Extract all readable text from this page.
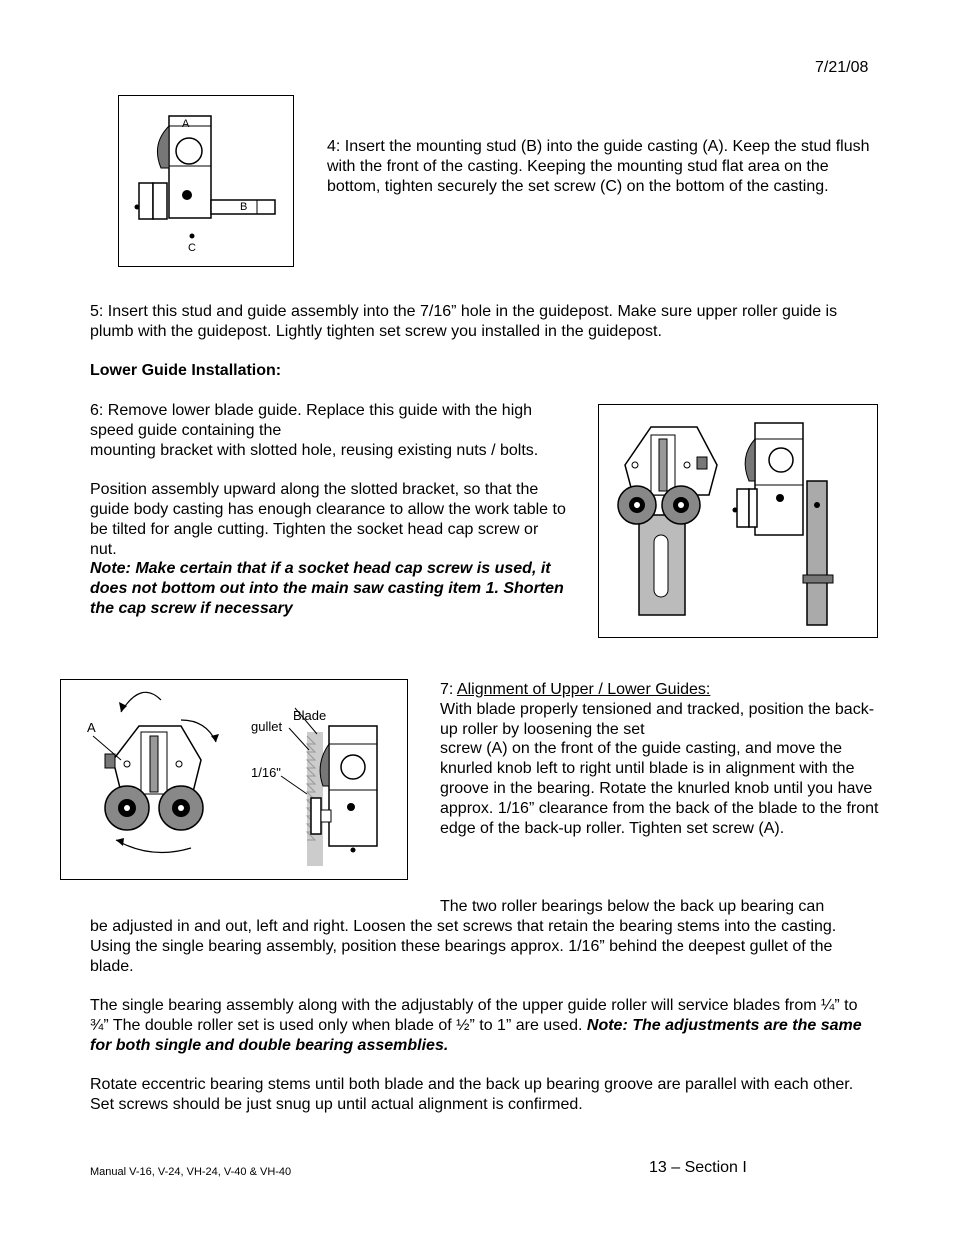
7/21/08
A
B
C

4: Insert the mounting stud (B) into the guide casting (A). Keep the stud flush with the front of the casting. Keeping the mounting stud flat area on the bottom, tighten securely the set screw (C) on the bottom of the casting.

5: Insert this stud and guide assembly into the 7/16” hole in the guidepost. Make sure upper roller guide is plumb with the guidepost. Lightly tighten set screw you installed in the guidepost.

Lower Guide Installation:

6: Remove lower blade guide. Replace this guide with the high speed guide containing the

mounting bracket with slotted hole, reusing existing nuts / bolts.

Position assembly upward along the slotted bracket, so that the guide body casting has enough clearance to allow the work table to be tilted for angle cutting. Tighten the socket head cap screw or nut.

Note: Make certain that if a socket head cap screw is used, it does not bottom out into the main saw casting item 1. Shorten the cap screw if necessary

A	gullet
Blade
1/16"

7: Alignment of Upper / Lower Guides:

With blade properly tensioned and tracked, position the back-up roller by loosening the set

screw (A) on the front of the guide casting, and move the knurled knob left to right until blade is in alignment with the groove in the bearing. Rotate the knurled knob until you have approx. 1/16” clearance from the back of the blade to the front edge of the back-up roller. Tighten set screw (A).

The two roller bearings below the back up bearing can

be adjusted in and out, left and right. Loosen the set screws that retain the bearing stems into the casting. Using the single bearing assembly, position these bearings approx. 1/16” behind the deepest gullet of the blade.

The single bearing assembly along with the adjustably of the upper guide roller will service blades from ¼” to ¾” The double roller set is used only when blade of ½” to 1” are used. Note: The adjustments are the same for both single and double bearing assemblies.

Rotate eccentric bearing stems until both blade and the back up bearing groove are parallel with each other. Set screws should be just snug up until actual alignment is confirmed.

Manual V-16, V-24, VH-24, V-40 & VH-40	13 – Section I
